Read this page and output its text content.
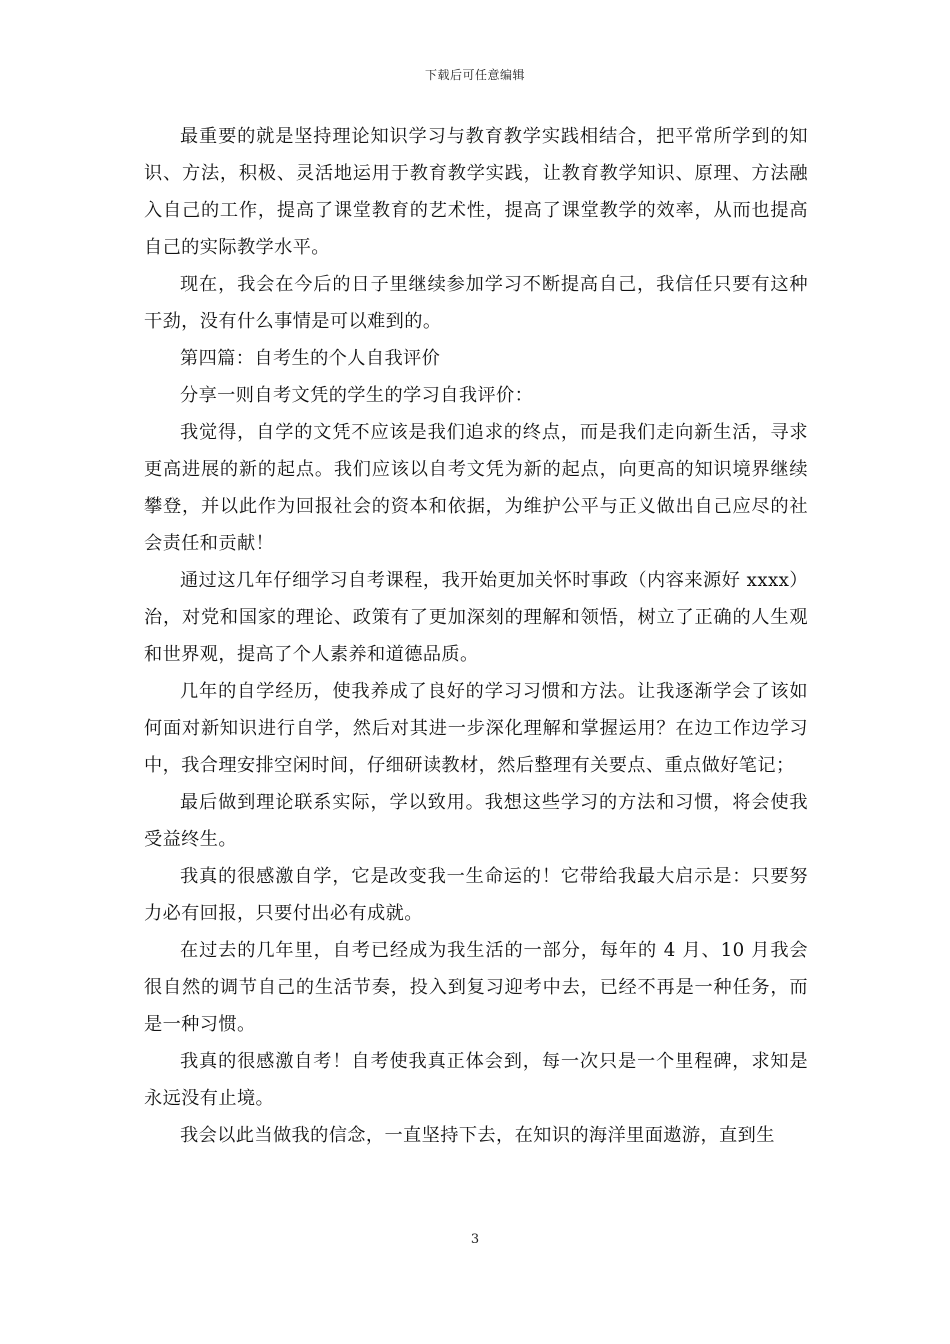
下载后可任意编辑

最重要的就是坚持理论知识学习与教育教学实践相结合，把平常所学到的知识、方法，积极、灵活地运用于教育教学实践，让教育教学知识、原理、方法融入自己的工作，提高了课堂教育的艺术性，提高了课堂教学的效率，从而也提高自己的实际教学水平。

现在，我会在今后的日子里继续参加学习不断提高自己，我信任只要有这种干劲，没有什么事情是可以难到的。

第四篇：自考生的个人自我评价

分享一则自考文凭的学生的学习自我评价：

我觉得，自学的文凭不应该是我们追求的终点，而是我们走向新生活，寻求更高进展的新的起点。我们应该以自考文凭为新的起点，向更高的知识境界继续攀登，并以此作为回报社会的资本和依据，为维护公平与正义做出自己应尽的社会责任和贡献！

通过这几年仔细学习自考课程，我开始更加关怀时事政（内容来源好 xxxx）治，对党和国家的理论、政策有了更加深刻的理解和领悟，树立了正确的人生观和世界观，提高了个人素养和道德品质。

几年的自学经历，使我养成了良好的学习习惯和方法。让我逐渐学会了该如何面对新知识进行自学，然后对其进一步深化理解和掌握运用？在边工作边学习中，我合理安排空闲时间，仔细研读教材，然后整理有关要点、重点做好笔记；

最后做到理论联系实际，学以致用。我想这些学习的方法和习惯，将会使我受益终生。

我真的很感激自学，它是改变我一生命运的！它带给我最大启示是：只要努力必有回报，只要付出必有成就。

在过去的几年里，自考已经成为我生活的一部分，每年的 4 月、10 月我会很自然的调节自己的生活节奏，投入到复习迎考中去，已经不再是一种任务，而是一种习惯。

我真的很感激自考！自考使我真正体会到，每一次只是一个里程碑，求知是永远没有止境。

我会以此当做我的信念，一直坚持下去，在知识的海洋里面遨游，直到生

3
